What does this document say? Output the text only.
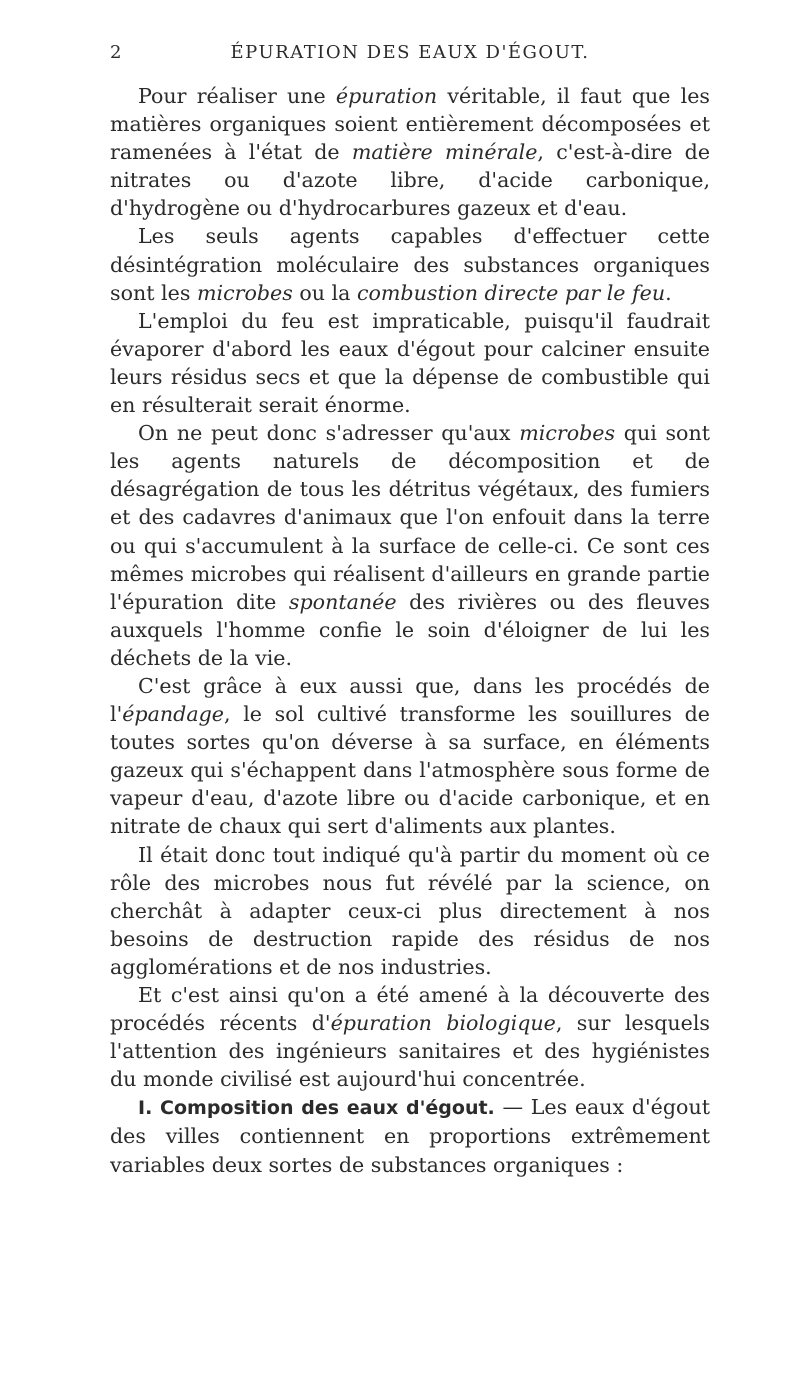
2	ÉPURATION DES EAUX D'ÉGOUT.

Pour réaliser une épuration véritable, il faut que les matières organiques soient entièrement décomposées et ramenées à l'état de matière minérale, c'est-à-dire de nitrates ou d'azote libre, d'acide carbonique, d'hydrogène ou d'hydrocarbures gazeux et d'eau.

Les seuls agents capables d'effectuer cette désintégration moléculaire des substances organiques sont les microbes ou la combustion directe par le feu.

L'emploi du feu est impraticable, puisqu'il faudrait évaporer d'abord les eaux d'égout pour calciner ensuite leurs résidus secs et que la dépense de combustible qui en résulterait serait énorme.

On ne peut donc s'adresser qu'aux microbes qui sont les agents naturels de décomposition et de désagrégation de tous les détritus végétaux, des fumiers et des cadavres d'animaux que l'on enfouit dans la terre ou qui s'accumulent à la surface de celle-ci. Ce sont ces mêmes microbes qui réalisent d'ailleurs en grande partie l'épuration dite spontanée des rivières ou des fleuves auxquels l'homme confie le soin d'éloigner de lui les déchets de la vie.

C'est grâce à eux aussi que, dans les procédés de l'épandage, le sol cultivé transforme les souillures de toutes sortes qu'on déverse à sa surface, en éléments gazeux qui s'échappent dans l'atmosphère sous forme de vapeur d'eau, d'azote libre ou d'acide carbonique, et en nitrate de chaux qui sert d'aliments aux plantes.

Il était donc tout indiqué qu'à partir du moment où ce rôle des microbes nous fut révélé par la science, on cherchât à adapter ceux-ci plus directement à nos besoins de destruction rapide des résidus de nos agglomérations et de nos industries.

Et c'est ainsi qu'on a été amené à la découverte des procédés récents d'épuration biologique, sur lesquels l'attention des ingénieurs sanitaires et des hygiénistes du monde civilisé est aujourd'hui concentrée.

I. Composition des eaux d'égout. — Les eaux d'égout des villes contiennent en proportions extrêmement variables deux sortes de substances organiques :
